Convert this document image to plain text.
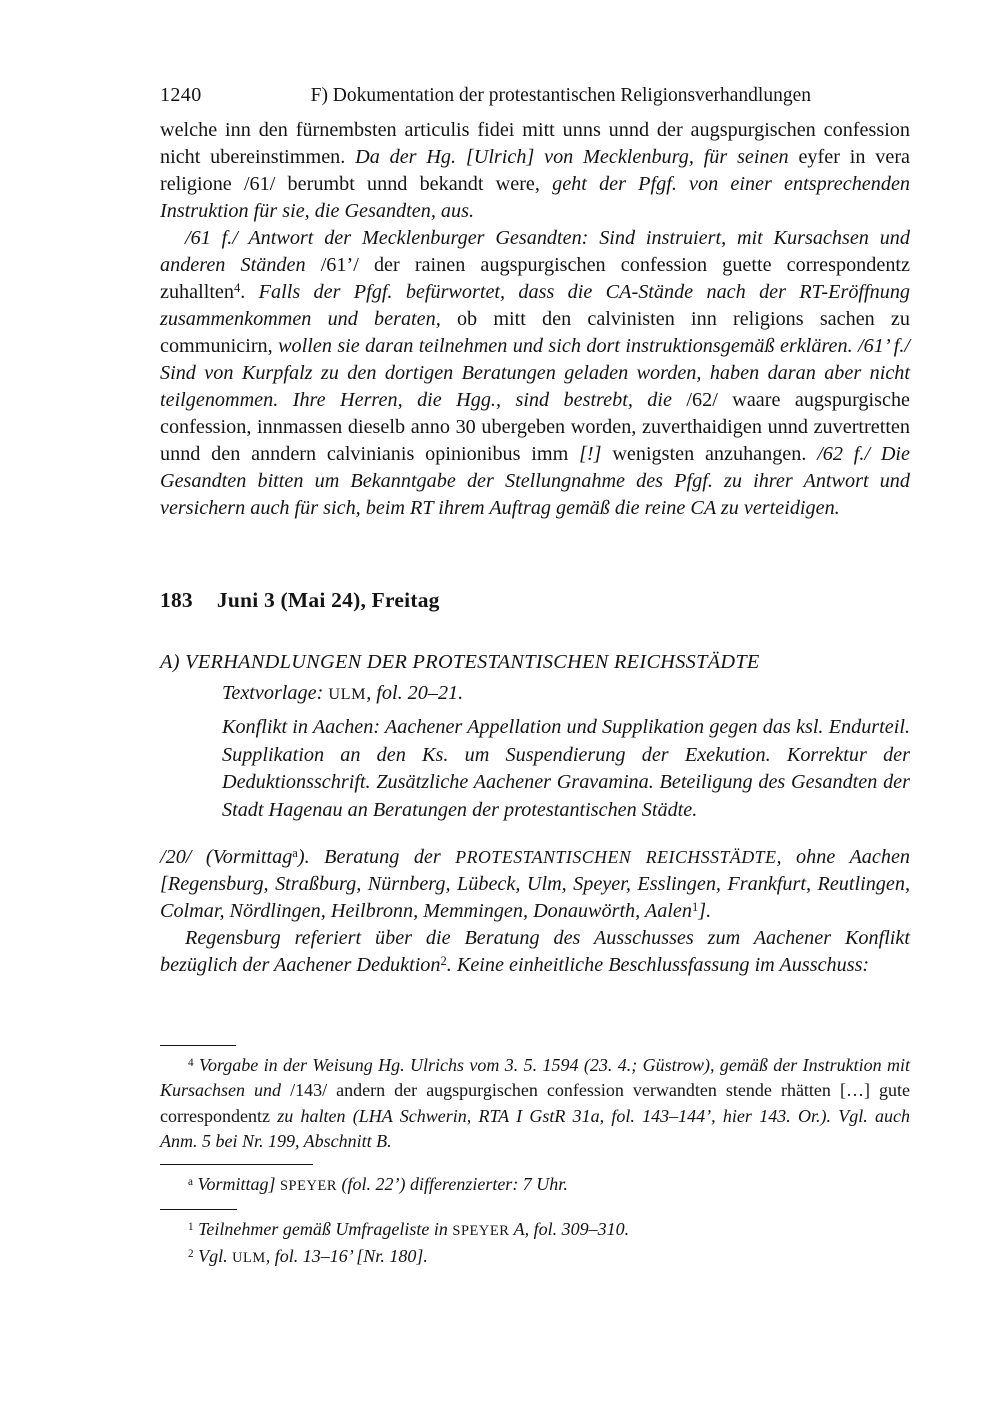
1240	F) Dokumentation der protestantischen Religionsverhandlungen

welche inn den fürnembsten articulis fidei mitt unns unnd der augspurgischen confession nicht ubereinstimmen. Da der Hg. [Ulrich] von Mecklenburg, für seinen eyfer in vera religione /61/ berumbt unnd bekandt were, geht der Pfgf. von einer entsprechenden Instruktion für sie, die Gesandten, aus.

/61 f./ Antwort der Mecklenburger Gesandten: Sind instruiert, mit Kursachsen und anderen Ständen /61’/ der rainen augspurgischen confession guette correspondentz zuhallten$^4$. Falls der Pfgf. befürwortet, dass die CA-Stände nach der RT-Eröffnung zusammenkommen und beraten, ob mitt den calvinisten inn religions sachen zu communicirn, wollen sie daran teilnehmen und sich dort instruktionsgemäß erklären. /61’ f./ Sind von Kurpfalz zu den dortigen Beratungen geladen worden, haben daran aber nicht teilgenommen. Ihre Herren, die Hgg., sind bestrebt, die /62/ waare augspurgische confession, innmassen dieselb anno 30 ubergeben worden, zuverthaidigen unnd zuvertretten unnd den anndern calvinianis opinionibus imm [!] wenigsten anzuhangen. /62 f./ Die Gesandten bitten um Bekanntgabe der Stellungnahme des Pfgf. zu ihrer Antwort und versichern auch für sich, beim RT ihrem Auftrag gemäß die reine CA zu verteidigen.

183 Juni 3 (Mai 24), Freitag
A) VERHANDLUNGEN DER PROTESTANTISCHEN REICHSSTÄDTE
Textvorlage: ULM, fol. 20–21.
Konflikt in Aachen: Aachener Appellation und Supplikation gegen das ksl. Endurteil. Supplikation an den Ks. um Suspendierung der Exekution. Korrektur der Deduktionsschrift. Zusätzliche Aachener Gravamina. Beteiligung des Gesandten der Stadt Hagenau an Beratungen der protestantischen Städte.

/20/ (Vormittag$^a$). Beratung der PROTESTANTISCHEN REICHSSTÄDTE, ohne Aachen [Regensburg, Straßburg, Nürnberg, Lübeck, Ulm, Speyer, Esslingen, Frankfurt, Reutlingen, Colmar, Nördlingen, Heilbronn, Memmingen, Donauwörth, Aalen$^1$].

Regensburg referiert über die Beratung des Ausschusses zum Aachener Konflikt bezüglich der Aachener Deduktion$^2$. Keine einheitliche Beschlussfassung im Ausschuss:

$^4$ Vorgabe in der Weisung Hg. Ulrichs vom 3. 5. 1594 (23. 4.; Güstrow), gemäß der Instruktion mit Kursachsen und /143/ andern der augspurgischen confession verwandten stende rhätten […] gute correspondentz zu halten (LHA Schwerin, RTA I GstR 31a, fol. 143–144’, hier 143. Or.). Vgl. auch Anm. 5 bei Nr. 199, Abschnitt B.

$^a$ Vormittag] SPEYER (fol. 22’) differenzierter: 7 Uhr.

$^1$ Teilnehmer gemäß Umfrageliste in SPEYER A, fol. 309–310.

$^2$ Vgl. ULM, fol. 13–16’ [Nr. 180].
